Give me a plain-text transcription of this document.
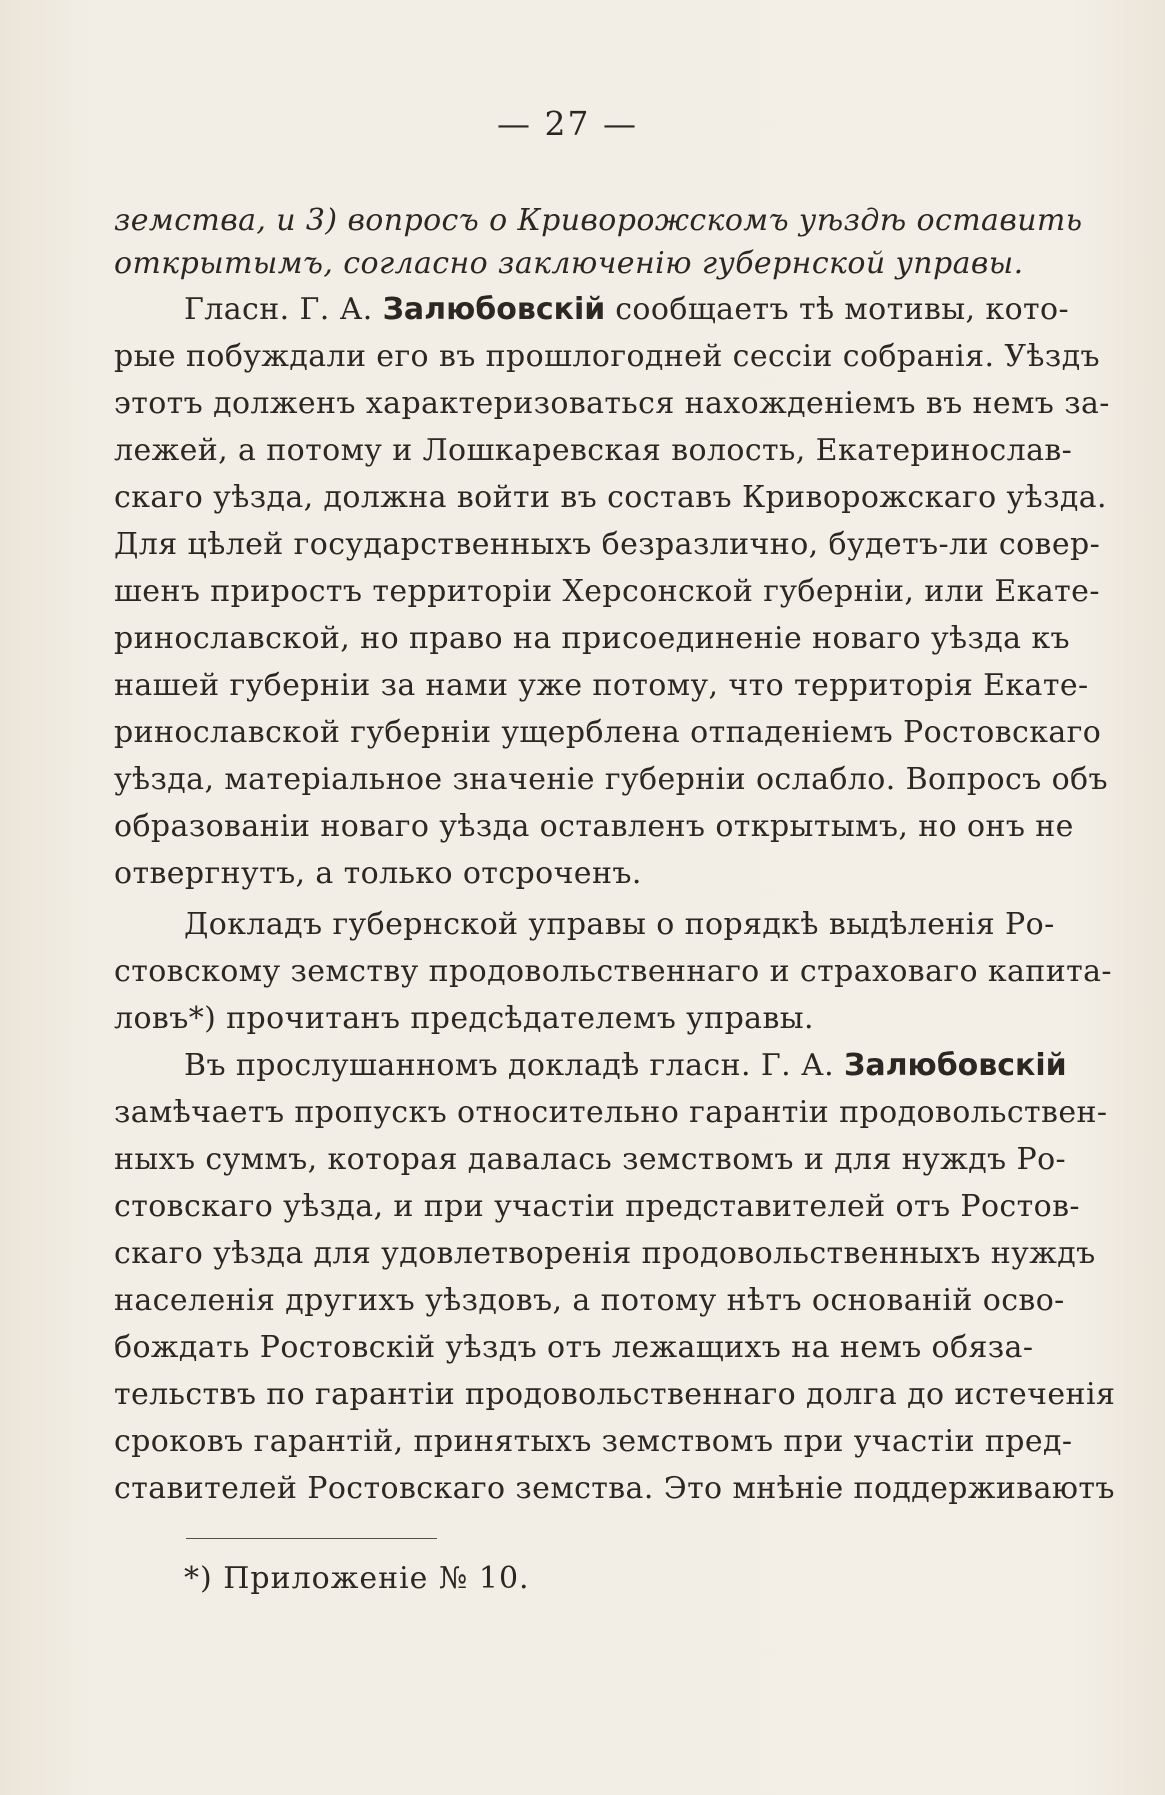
— 27 —
земства, и 3) вопросъ о Криворожскомъ уѣздѣ оставить
открытымъ, согласно заключенію губернской управы.
Гласн. Г. А. Залюбовскій сообщаетъ тѣ мотивы, кото-
рые побуждали его въ прошлогодней сессіи собранія. Уѣздъ
этотъ долженъ характеризоваться нахожденіемъ въ немъ за-
лежей, а потому и Лошкаревская волость, Екатеринослав-
скаго уѣзда, должна войти въ составъ Криворожскаго уѣзда.
Для цѣлей государственныхъ безразлично, будетъ-ли совер-
шенъ приростъ территоріи Херсонской губерніи, или Екате-
ринославской, но право на присоединеніе новаго уѣзда къ
нашей губерніи за нами уже потому, что территорія Екате-
ринославской губерніи ущерблена отпаденіемъ Ростовскаго
уѣзда, матеріальное значеніе губерніи ослабло. Вопросъ объ
образованіи новаго уѣзда оставленъ открытымъ, но онъ не
отвергнутъ, а только отсроченъ.
Докладъ губернской управы о порядкѣ выдѣленія Ро-
стовскому земству продовольственнаго и страховаго капита-
ловъ*) прочитанъ предсѣдателемъ управы.
Въ прослушанномъ докладѣ гласн. Г. А. Залюбовскій
замѣчаетъ пропускъ относительно гарантіи продовольствен-
ныхъ суммъ, которая давалась земствомъ и для нуждъ Ро-
стовскаго уѣзда, и при участіи представителей отъ Ростов-
скаго уѣзда для удовлетворенія продовольственныхъ нуждъ
населенія другихъ уѣздовъ, а потому нѣтъ основаній осво-
бождать Ростовскій уѣздъ отъ лежащихъ на немъ обяза-
тельствъ по гарантіи продовольственнаго долга до истеченія
сроковъ гарантій, принятыхъ земствомъ при участіи пред-
ставителей Ростовскаго земства. Это мнѣніе поддерживаютъ
*) Приложеніе № 10.
